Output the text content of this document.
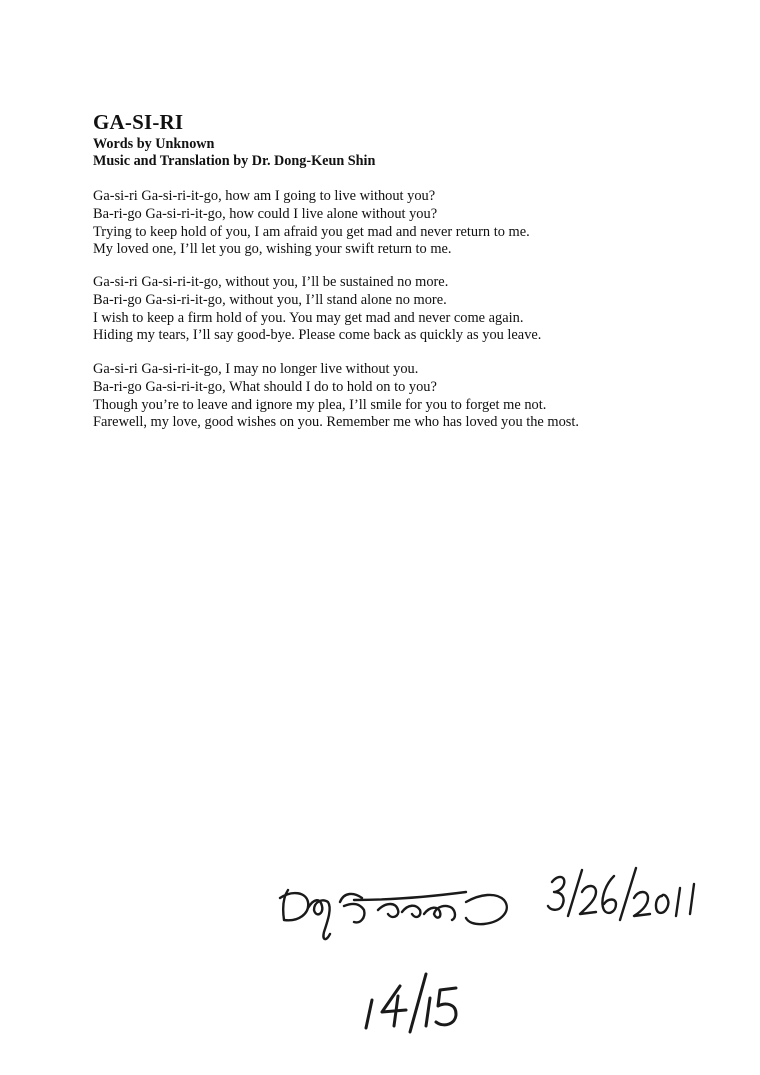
GA-SI-RI

Words by Unknown

Music and Translation by Dr. Dong-Keun Shin

Ga-si-ri Ga-si-ri-it-go, how am I going to live without you?
Ba-ri-go Ga-si-ri-it-go, how could I live alone without you?
Trying to keep hold of you, I am afraid you get mad and never return to me.
My loved one, I’ll let you go, wishing your swift return to me.
Ga-si-ri Ga-si-ri-it-go, without you, I’ll be sustained no more.
Ba-ri-go Ga-si-ri-it-go, without you, I’ll stand alone no more.
I wish to keep a firm hold of you. You may get mad and never come again.
Hiding my tears, I’ll say good-bye. Please come back as quickly as you leave.
Ga-si-ri Ga-si-ri-it-go, I may no longer live without you.
Ba-ri-go Ga-si-ri-it-go, What should I do to hold on to you?
Though you’re to leave and ignore my plea, I’ll smile for you to forget me not.
Farewell, my love, good wishes on you. Remember me who has loved you the most.
